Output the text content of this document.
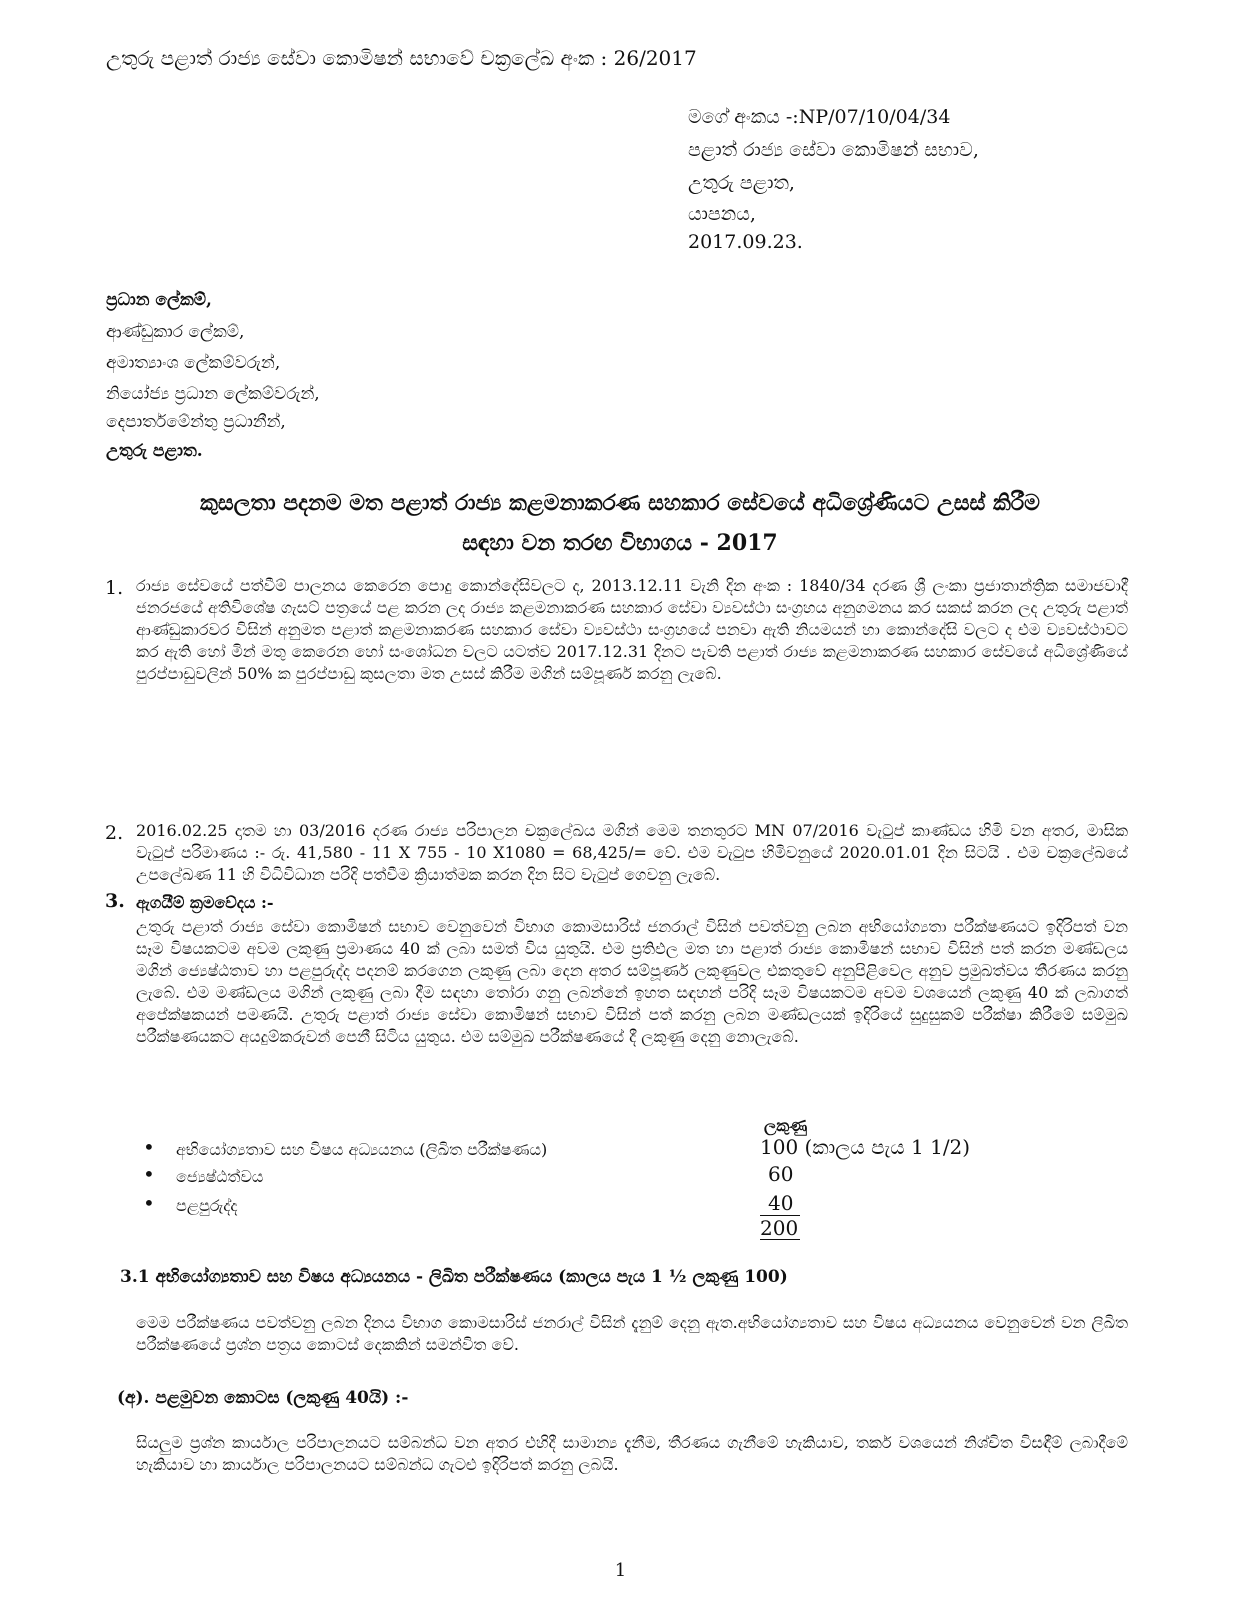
උතුරු පළාත් රාජ්‍ය සේවා කොමිෂන් සභාවේ චක්‍රලේඛ අංක : 26/2017
මගේ අංකය -:NP/07/10/04/34
පළාත් රාජ්‍ය සේවා කොමිෂන් සභාව,
උතුරු පළාත,
යාපනය,
2017.09.23.
ප්‍රධාන ලේකම්,
ආණ්ඩුකාර ලේකම්,
අමාත්‍යාංශ ලේකම්වරුන්,
නියෝජ්‍ය ප්‍රධාන ලේකම්වරුන්,
දෙපාර්තමේන්තු ප්‍රධානීන්,
උතුරු පළාත.
කුසලතා පදනම මත පළාත් රාජ්‍ය කළමනාකරණ සහකාර සේවයේ අධිශ්‍රේණියට උසස් කිරීම
සඳහා වන තරඟ විභාගය - 2017
1. රාජ්‍ය සේවයේ පත්වීම් පාලනය කෙරෙන පොදු කොන්දේසිවලට ද, 2013.12.11 වැනි දින අංක : 1840/34 දරණ ශ්‍රී ලංකා ප්‍රජාතාන්ත්‍රික සමාජවාදී ජනරජයේ අතිවිශේෂ ගැසට් පත්‍රයේ පළ කරන ලද රාජ්‍ය කළමනාකරණ සහකාර සේවා ව්‍යවස්ථා සංග්‍රහය අනුගමනය කර සකස් කරන ලද උතුරු පළාත් ආණ්ඩුකාරවර විසින් අනුමත පළාත් කළමනාකරණ සහකාර සේවා ව්‍යවස්ථා සංග්‍රහයේ පනවා ඇති නියමයන් හා කොන්දේසි වලට ද එම ව්‍යවස්ථාවට කර ඇති හෝ මින් මතු කෙරෙන හෝ සංශෝධන වලට යටත්ව 2017.12.31 දිනට පැවති පළාත් රාජ්‍ය කළමනාකරණ සහකාර සේවයේ අධිශ්‍රේණියේ පුරප්පාඩුවලින් 50% ක පුරප්පාඩු කුසලතා මත උසස් කිරීම මගින් සම්පූර්ණ කරනු ලැබේ.
2. 2016.02.25 දාතම හා 03/2016 දරණ රාජ්‍ය පරිපාලන චක්‍රලේඛය මගින් මෙම තනතුරට MN 07/2016 වැටුප් කාණ්ඩය හිමි වන අතර, මාසික වැටුප් පරිමාණය :- රු. 41,580 - 11 X 755 - 10 X1080 = 68,425/= වේ. එම වැටුප හිමිවනුයේ 2020.01.01 දින සිටයි . එම චක්‍රලේඛයේ උපලේඛණ 11 හි විධිවිධාන පරිදි පත්වීම ක්‍රියාත්මක කරන දින සිට වැටුප් ගෙවනු ලැබේ.
3. ඇගයීම් ක්‍රමවේදය :-
උතුරු පළාත් රාජ්‍ය සේවා කොමිෂන් සභාව වෙනුවෙන් විභාග කොමසාරිස් ජනරාල් විසින් පවත්වනු ලබන අභියෝග්‍යතා පරීක්ෂණයට ඉදිරිපත් වන සෑම විෂයකටම අවම ලකුණු ප්‍රමාණය 40 ක් ලබා සමත් විය යුතුයි. එම ප්‍රතිඵල මත හා පළාත් රාජ්‍ය කොමිෂන් සභාව විසින් පත් කරන මණ්ඩලය මගින් ජ්‍යෙෂ්ඨතාව හා පළපුරුද්ද පදනම් කරගෙන ලකුණු ලබා දෙන අතර සම්පූර්ණ ලකුණුවල එකතුවේ අනුපිළිවෙල අනුව ප්‍රමුඛත්වය තීරණය කරනු ලැබේ. එම මණ්ඩලය මගින් ලකුණු ලබා දීම සඳහා තෝරා ගනු ලබන්නේ ඉහත සඳහන් පරිදි සෑම විෂයකටම අවම වශයෙන් ලකුණු 40 ක් ලබාගත් අපේක්ෂකයන් පමණයි. උතුරු පළාත් රාජ්‍ය සේවා කොමිෂන් සභාව විසින් පත් කරනු ලබන මණ්ඩලයක් ඉදිරියේ සුදුසුකම් පරීක්ෂා කිරීමේ සම්මුඛ පරීක්ෂණයකට අයදුම්කරුවන් පෙනී සිටිය යුතුය. එම සම්මුඛ පරීක්ෂණයේ දී ලකුණු දෙනු නොලැබේ.
ලකුණු
• අභියෝග්‍යතාව සහ විෂය අධ්‍යයනය (ලිඛිත පරීක්ෂණය)	100 (කාලය පැය 1 1/2)
• ජ්‍යෙෂ්ඨත්වය	60
• පළපුරුද්ද	40
200
3.1 අභියෝග්‍යතාව සහ විෂය අධ්‍යයනය - ලිඛිත පරීක්ෂණය (කාලය පැය 1 ½ ලකුණු 100)
මෙම පරීක්ෂණය පවත්වනු ලබන දිනය විභාග කොමසාරිස් ජනරාල් විසින් දැනුම් දෙනු ඇත.අභියෝග්‍යතාව සහ විෂය අධ්‍යයනය වෙනුවෙන් වන ලිඛිත පරීක්ෂණයේ ප්‍රශ්න පත්‍රය කොටස් දෙකකින් සමන්විත වේ.
(අ). පළමුවන කොටස (ලකුණු 40යි) :-
සියලුම ප්‍රශ්න කාර්යාල පරිපාලනයට සම්බන්ධ වන අතර එහිදී සාමාන්‍ය දැනීම, තීරණය ගැනීමේ හැකියාව, තර්ක වශයෙන් නිශ්චිත විසඳීම් ලබාදීමේ හැකියාව හා කාර්යාල පරිපාලනයට සම්බන්ධ ගැටළු ඉදිරිපත් කරනු ලබයි.
1
